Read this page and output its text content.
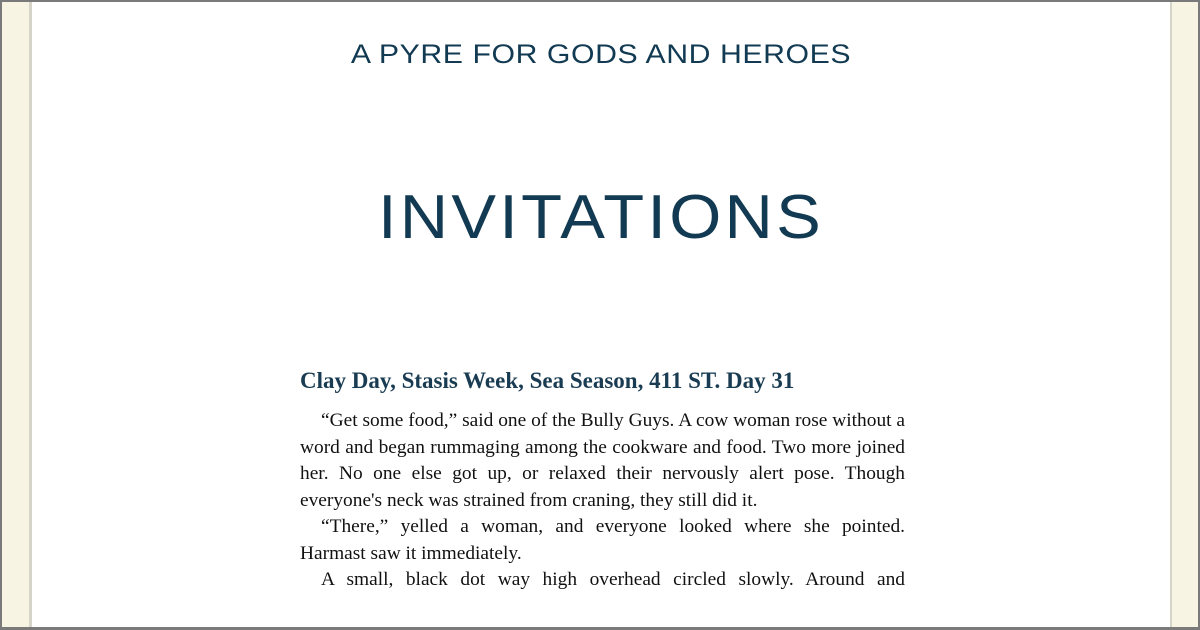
A PYRE FOR GODS AND HEROES
INVITATIONS
Clay Day, Stasis Week, Sea Season, 411 ST. Day 31

“Get some food,” said one of the Bully Guys. A cow woman rose without a word and began rummaging among the cookware and food. Two more joined her. No one else got up, or relaxed their nervously alert pose. Though everyone's neck was strained from craning, they still did it.

“There,” yelled a woman, and everyone looked where she pointed. Harmast saw it immediately.

A small, black dot way high overhead circled slowly. Around and
